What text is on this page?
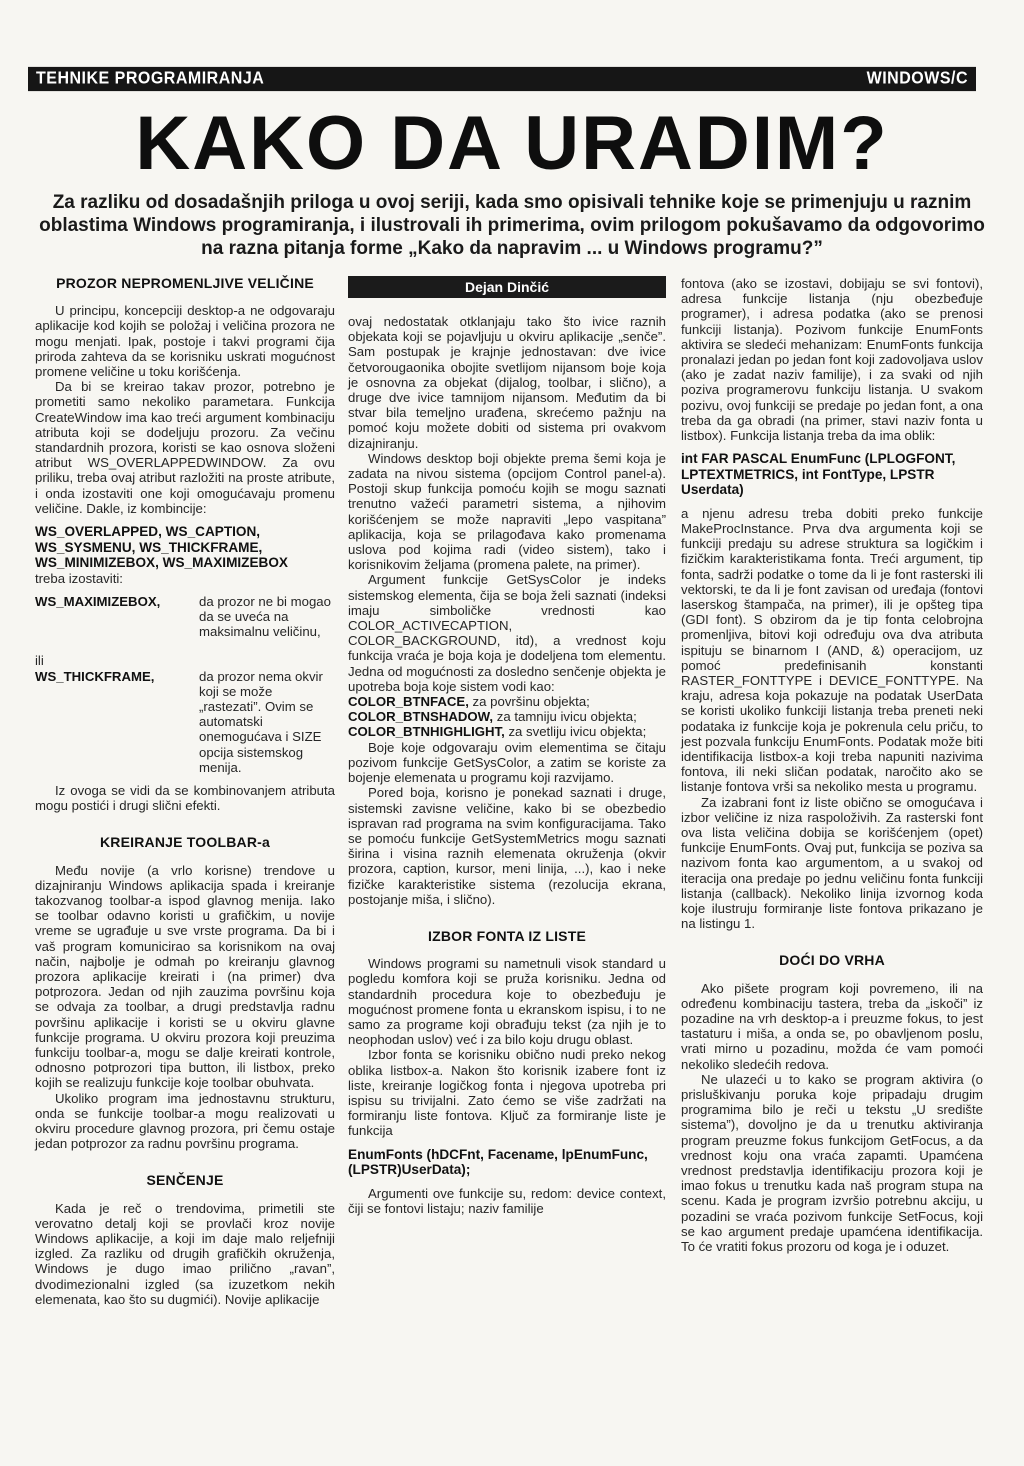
TEHNIKE PROGRAMIRANJA	WINDOWS/C
KAKO DA URADIM?
Za razliku od dosadašnjih priloga u ovoj seriji, kada smo opisivali tehnike koje se primenjuju u raznim oblastima Windows programiranja, i ilustrovali ih primerima, ovim prilogom pokušavamo da odgovorimo na razna pitanja forme „Kako da napravim ... u Windows programu?”
PROZOR NEPROMENLJIVE VELIČINE

U principu, koncepciji desktop-a ne odgovaraju aplikacije kod kojih se položaj i veličina prozora ne mogu menjati. Ipak, postoje i takvi programi čija priroda zahteva da se korisniku uskrati mogućnost promene veličine u toku korišćenja.

Da bi se kreirao takav prozor, potrebno je prometiti samo nekoliko parametara. Funkcija CreateWindow ima kao treći argument kombinaciju atributa koji se dodeljuju prozoru. Za večinu standardnih prozora, koristi se kao osnova složeni atribut WS_OVERLAPPEDWINDOW. Za ovu priliku, treba ovaj atribut razložiti na proste atribute, i onda izostaviti one koji omogućavaju promenu veličine. Dakle, iz kombincije:

WS_OVERLAPPED, WS_CAPTION, WS_SYSMENU, WS_THICKFRAME, WS_MINIMIZEBOX, WS_MAXIMIZEBOX

treba izostaviti:

WS_MAXIMIZEBOX,	da prozor ne bi mogao da se uveća na maksimalnu veličinu,

ili

WS_THICKFRAME,	da prozor nema okvir koji se može „rastezati”. Ovim se automatski onemogućava i SIZE opcija sistemskog menija.

Iz ovoga se vidi da se kombinovanjem atributa mogu postići i drugi slični efekti.

KREIRANJE TOOLBAR-a

Među novije (a vrlo korisne) trendove u dizajniranju Windows aplikacija spada i kreiranje takozvanog toolbar-a ispod glavnog menija. Iako se toolbar odavno koristi u grafičkim, u novije vreme se ugrađuje u sve vrste programa. Da bi i vaš program komunicirao sa korisnikom na ovaj način, najbolje je odmah po kreiranju glavnog prozora aplikacije kreirati i (na primer) dva potprozora. Jedan od njih zauzima površinu koja se odvaja za toolbar, a drugi predstavlja radnu površinu aplikacije i koristi se u okviru glavne funkcije programa. U okviru prozora koji preuzima funkciju toolbar-a, mogu se dalje kreirati kontrole, odnosno potprozori tipa button, ili listbox, preko kojih se realizuju funkcije koje toolbar obuhvata.

Ukoliko program ima jednostavnu strukturu, onda se funkcije toolbar-a mogu realizovati u okviru procedure glavnog prozora, pri čemu ostaje jedan potprozor za radnu površinu programa.

SENČENJE

Kada je reč o trendovima, primetili ste verovatno detalj koji se provlači kroz novije Windows aplikacije, a koji im daje malo reljefniji izgled. Za razliku od drugih grafičkih okruženja, Windows je dugo imao prilično „ravan”, dvodimezionalni izgled (sa izuzetkom nekih elemenata, kao što su dugmići). Novije aplikacije

Dejan Dinčić

ovaj nedostatak otklanjaju tako što ivice raznih objekata koji se pojavljuju u okviru aplikacije „senče”. Sam postupak je krajnje jednostavan: dve ivice četvorougaonika obojite svetlijom nijansom boje koja je osnovna za objekat (dijalog, toolbar, i slično), a druge dve ivice tamnijom nijansom. Međutim da bi stvar bila temeljno urađena, skrećemo pažnju na pomoć koju možete dobiti od sistema pri ovakvom dizajniranju.

Windows desktop boji objekte prema šemi koja je zadata na nivou sistema (opcijom Control panel-a). Postoji skup funkcija pomoću kojih se mogu saznati trenutno važeći parametri sistema, a njihovim korišćenjem se može napraviti „lepo vaspitana” aplikacija, koja se prilagođava kako promenama uslova pod kojima radi (video sistem), tako i korisnikovim željama (promena palete, na primer).

Argument funkcije GetSysColor je indeks sistemskog elementa, čija se boja želi saznati (indeksi imaju simboličke vrednosti kao COLOR_ACTIVECAPTION, COLOR_BACKGROUND, itd), a vrednost koju funkcija vraća je boja koja je dodeljena tom elementu. Jedna od mogućnosti za dosledno senčenje objekta je upotreba boja koje sistem vodi kao:

COLOR_BTNFACE, za površinu objekta;

COLOR_BTNSHADOW, za tamniju ivicu objekta;

COLOR_BTNHIGHLIGHT, za svetliju ivicu objekta;

Boje koje odgovaraju ovim elementima se čitaju pozivom funkcije GetSysColor, a zatim se koriste za bojenje elemenata u programu koji razvijamo.

Pored boja, korisno je ponekad saznati i druge, sistemski zavisne veličine, kako bi se obezbedio ispravan rad programa na svim konfiguracijama. Tako se pomoću funkcije GetSystemMetrics mogu saznati širina i visina raznih elemenata okruženja (okvir prozora, caption, kursor, meni linija, ...), kao i neke fizičke karakteristike sistema (rezolucija ekrana, postojanje miša, i slično).

IZBOR FONTA IZ LISTE

Windows programi su nametnuli visok standard u pogledu komfora koji se pruža korisniku. Jedna od standardnih procedura koje to obezbeđuju je mogućnost promene fonta u ekranskom ispisu, i to ne samo za programe koji obrađuju tekst (za njih je to neophodan uslov) već i za bilo koju drugu oblast.

Izbor fonta se korisniku obično nudi preko nekog oblika listbox-a. Nakon što korisnik izabere font iz liste, kreiranje logičkog fonta i njegova upotreba pri ispisu su trivijalni. Zato ćemo se više zadržati na formiranju liste fontova. Ključ za formiranje liste je funkcija

EnumFonts (hDCFnt, Facename, lpEnumFunc, (LPSTR)UserData);

Argumenti ove funkcije su, redom: device context, čiji se fontovi listaju; naziv familije

fontova (ako se izostavi, dobijaju se svi fontovi), adresa funkcije listanja (nju obezbeđuje programer), i adresa podatka (ako se prenosi funkciji listanja). Pozivom funkcije EnumFonts aktivira se sledeći mehanizam: EnumFonts funkcija pronalazi jedan po jedan font koji zadovoljava uslov (ako je zadat naziv familije), i za svaki od njih poziva programerovu funkciju listanja. U svakom pozivu, ovoj funkciji se predaje po jedan font, a ona treba da ga obradi (na primer, stavi naziv fonta u listbox). Funkcija listanja treba da ima oblik:

int FAR PASCAL EnumFunc (LPLOGFONT, LPTEXTMETRICS, int FontType, LPSTR Userdata)

a njenu adresu treba dobiti preko funkcije MakeProcInstance. Prva dva argumenta koji se funkciji predaju su adrese struktura sa logičkim i fizičkim karakteristikama fonta. Treći argument, tip fonta, sadrži podatke o tome da li je font rasterski ili vektorski, te da li je font zavisan od uređaja (fontovi laserskog štampača, na primer), ili je opšteg tipa (GDI font). S obzirom da je tip fonta celobrojna promenljiva, bitovi koji određuju ova dva atributa ispituju se binarnom I (AND, &) operacijom, uz pomoć predefinisanih konstanti RASTER_FONTTYPE i DEVICE_FONTTYPE. Na kraju, adresa koja pokazuje na podatak UserData se koristi ukoliko funkciji listanja treba preneti neki podataka iz funkcije koja je pokrenula celu priču, to jest pozvala funkciju EnumFonts. Podatak može biti identifikacija listbox-a koji treba napuniti nazivima fontova, ili neki sličan podatak, naročito ako se listanje fontova vrši sa nekoliko mesta u programu.

Za izabrani font iz liste obično se omogućava i izbor veličine iz niza raspoloživih. Za rasterski font ova lista veličina dobija se korišćenjem (opet) funkcije EnumFonts. Ovaj put, funkcija se poziva sa nazivom fonta kao argumentom, a u svakoj od iteracija ona predaje po jednu veličinu fonta funkciji listanja (callback). Nekoliko linija izvornog koda koje ilustruju formiranje liste fontova prikazano je na listingu 1.

DOĆI DO VRHA

Ako pišete program koji povremeno, ili na određenu kombinaciju tastera, treba da „iskoči” iz pozadine na vrh desktop-a i preuzme fokus, to jest tastaturu i miša, a onda se, po obavljenom poslu, vrati mirno u pozadinu, možda će vam pomoći nekoliko sledećih redova.

Ne ulazeći u to kako se program aktivira (o prisluškivanju poruka koje pripadaju drugim programima bilo je reči u tekstu „U središte sistema”), dovoljno je da u trenutku aktiviranja program preuzme fokus funkcijom GetFocus, a da vrednost koju ona vraća zapamti. Upamćena vrednost predstavlja identifikaciju prozora koji je imao fokus u trenutku kada naš program stupa na scenu. Kada je program izvršio potrebnu akciju, u pozadini se vraća pozivom funkcije SetFocus, koji se kao argument predaje upamćena identifikacija. To će vratiti fokus prozoru od koga je i oduzet.
